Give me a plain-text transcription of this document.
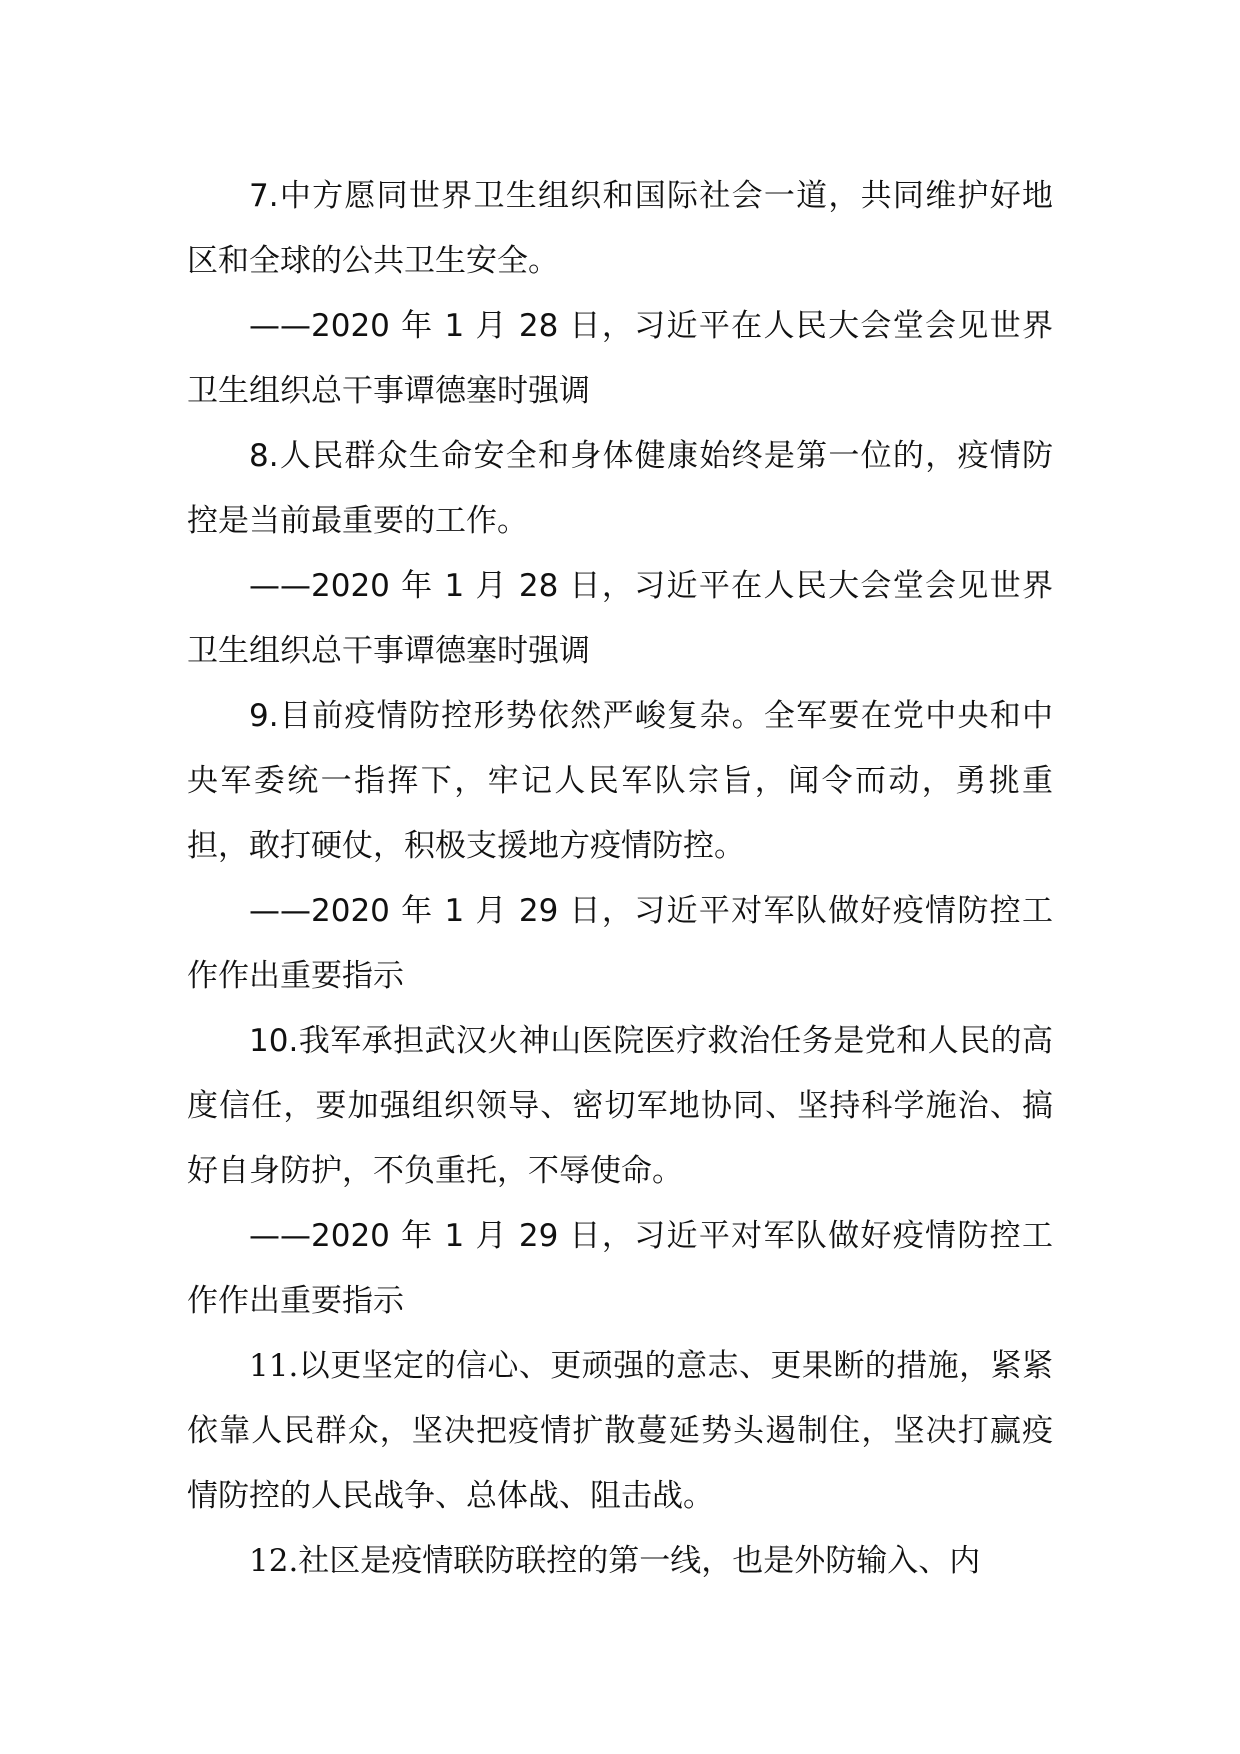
7.中方愿同世界卫生组织和国际社会一道，共同维护好地区和全球的公共卫生安全。

——2020 年 1 月 28 日，习近平在人民大会堂会见世界卫生组织总干事谭德塞时强调

8.人民群众生命安全和身体健康始终是第一位的，疫情防控是当前最重要的工作。

——2020 年 1 月 28 日，习近平在人民大会堂会见世界卫生组织总干事谭德塞时强调

9.目前疫情防控形势依然严峻复杂。全军要在党中央和中央军委统一指挥下，牢记人民军队宗旨，闻令而动，勇挑重担，敢打硬仗，积极支援地方疫情防控。

——2020 年 1 月 29 日，习近平对军队做好疫情防控工作作出重要指示

10.我军承担武汉火神山医院医疗救治任务是党和人民的高度信任，要加强组织领导、密切军地协同、坚持科学施治、搞好自身防护，不负重托，不辱使命。

——2020 年 1 月 29 日，习近平对军队做好疫情防控工作作出重要指示

11.以更坚定的信心、更顽强的意志、更果断的措施，紧紧依靠人民群众，坚决把疫情扩散蔓延势头遏制住，坚决打赢疫情防控的人民战争、总体战、阻击战。

12.社区是疫情联防联控的第一线，也是外防输入、内
